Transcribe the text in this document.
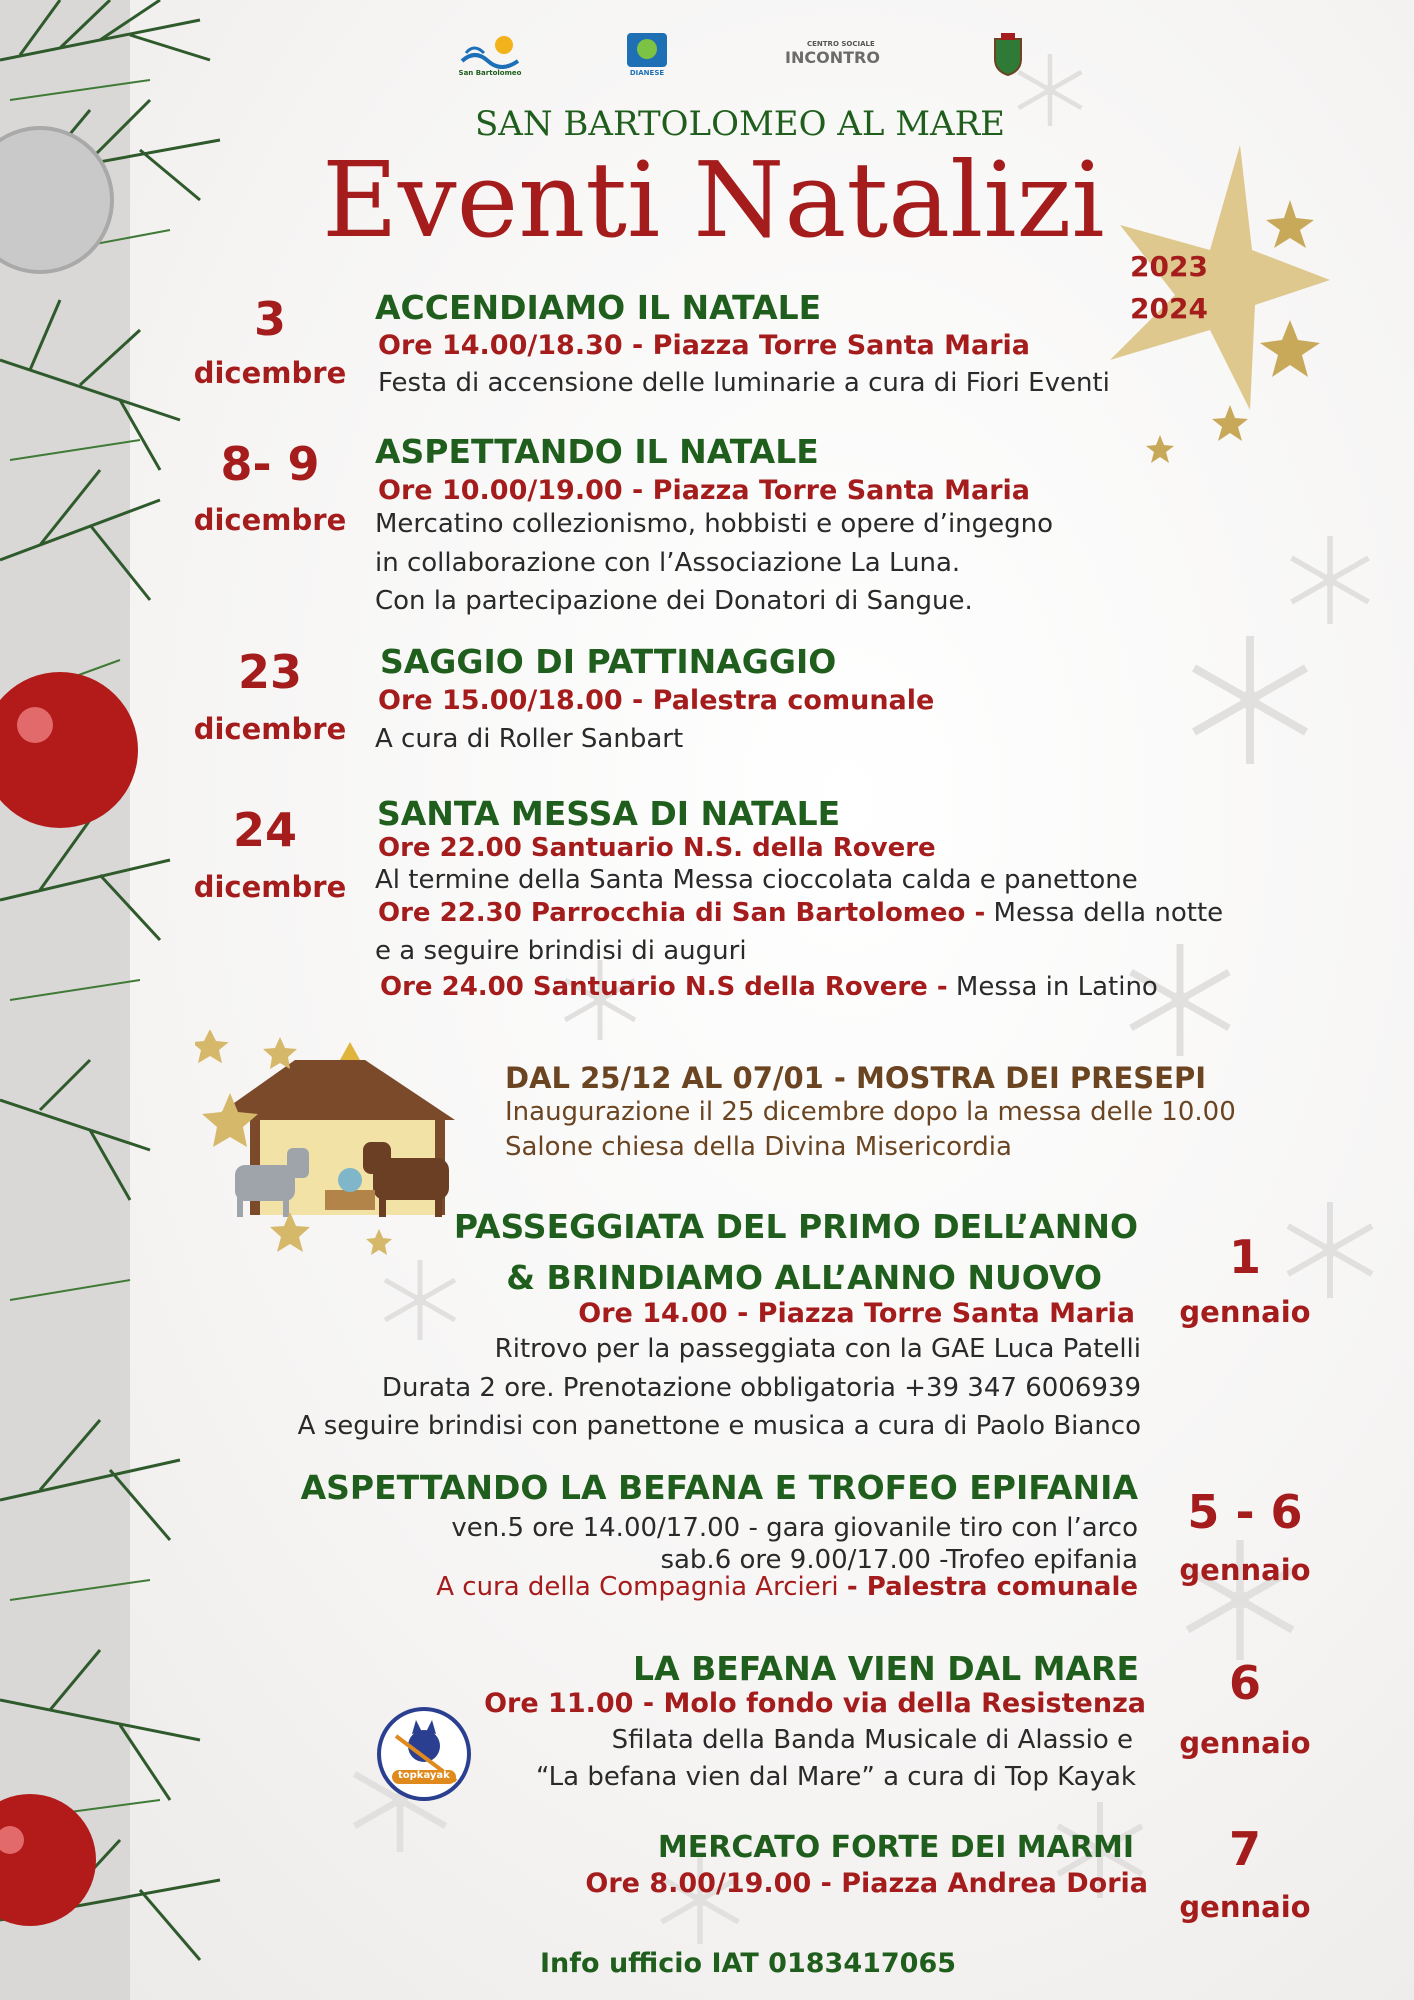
San Bartolomeo	DIANESE
CENTRO SOCIALE
INCONTRO
SAN BARTOLOMEO AL MARE
Eventi Natalizi
2023
2024
3
dicembre
ACCENDIAMO IL NATALE
Ore 14.00/18.30 - Piazza Torre Santa Maria
Festa di accensione delle luminarie a cura di Fiori Eventi
8- 9
dicembre
ASPETTANDO IL NATALE
Ore 10.00/19.00 - Piazza Torre Santa Maria
Mercatino collezionismo, hobbisti e opere d’ingegno
in collaborazione con l’Associazione La Luna.
Con la partecipazione dei Donatori di Sangue.
23
dicembre
SAGGIO DI PATTINAGGIO
Ore 15.00/18.00 - Palestra comunale
A cura di Roller Sanbart
24
dicembre
SANTA MESSA DI NATALE
Ore 22.00 Santuario N.S. della Rovere
Al termine della Santa Messa cioccolata calda e panettone
Ore 22.30 Parrocchia di San Bartolomeo - Messa della notte
e a seguire brindisi di auguri
Ore 24.00 Santuario N.S della Rovere - Messa in Latino
DAL 25/12 AL 07/01 - MOSTRA DEI PRESEPI
Inaugurazione il 25 dicembre dopo la messa delle 10.00
Salone chiesa della Divina Misericordia
PASSEGGIATA DEL PRIMO DELL’ANNO
& BRINDIAMO ALL’ANNO NUOVO
Ore 14.00 - Piazza Torre Santa Maria
Ritrovo per la passeggiata con la GAE Luca Patelli
Durata 2 ore. Prenotazione obbligatoria +39 347 6006939
A seguire brindisi con panettone e musica a cura di Paolo Bianco
1
gennaio
ASPETTANDO LA BEFANA E TROFEO EPIFANIA
ven.5 ore 14.00/17.00 - gara giovanile tiro con l’arco
sab.6 ore 9.00/17.00 -Trofeo epifania
A cura della Compagnia Arcieri - Palestra comunale
5 - 6
gennaio
LA BEFANA VIEN DAL MARE
Ore 11.00 - Molo fondo via della Resistenza
Sfilata della Banda Musicale di Alassio e
“La befana vien dal Mare” a cura di Top Kayak
6
gennaio
topkayak
MERCATO FORTE DEI MARMI
Ore 8.00/19.00 - Piazza Andrea Doria
7
gennaio
Info ufficio IAT 0183417065
